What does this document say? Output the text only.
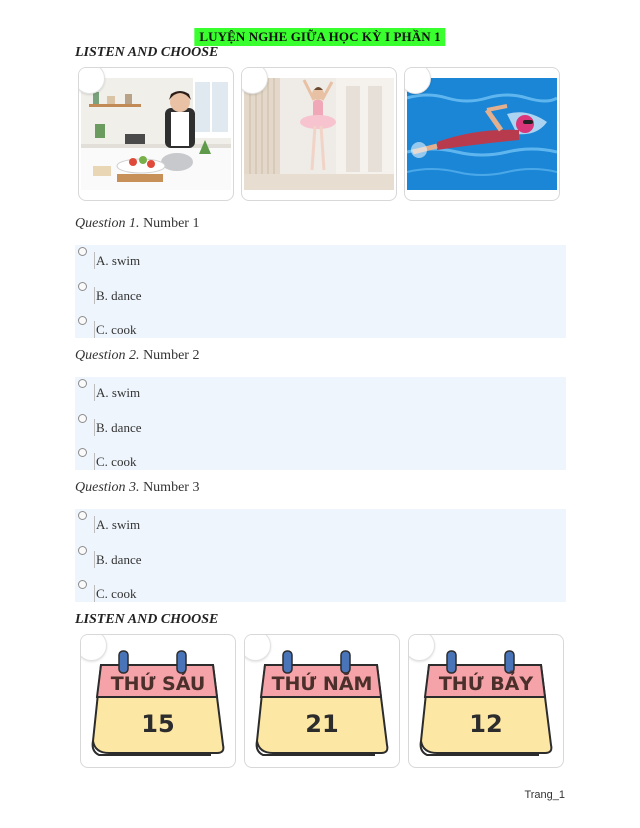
LUYỆN NGHE GIỮA HỌC KỲ I PHẦN 1
LISTEN AND CHOOSE
Question 1. Number 1
A. swim
B. dance
C. cook
Question 2. Number 2
A. swim
B. dance
C. cook
Question 3. Number 3
A. swim
B. dance
C. cook
LISTEN AND CHOOSE
THỨ SÁU
15
THỨ NĂM
21
THỨ BẢY
12
Trang_1
